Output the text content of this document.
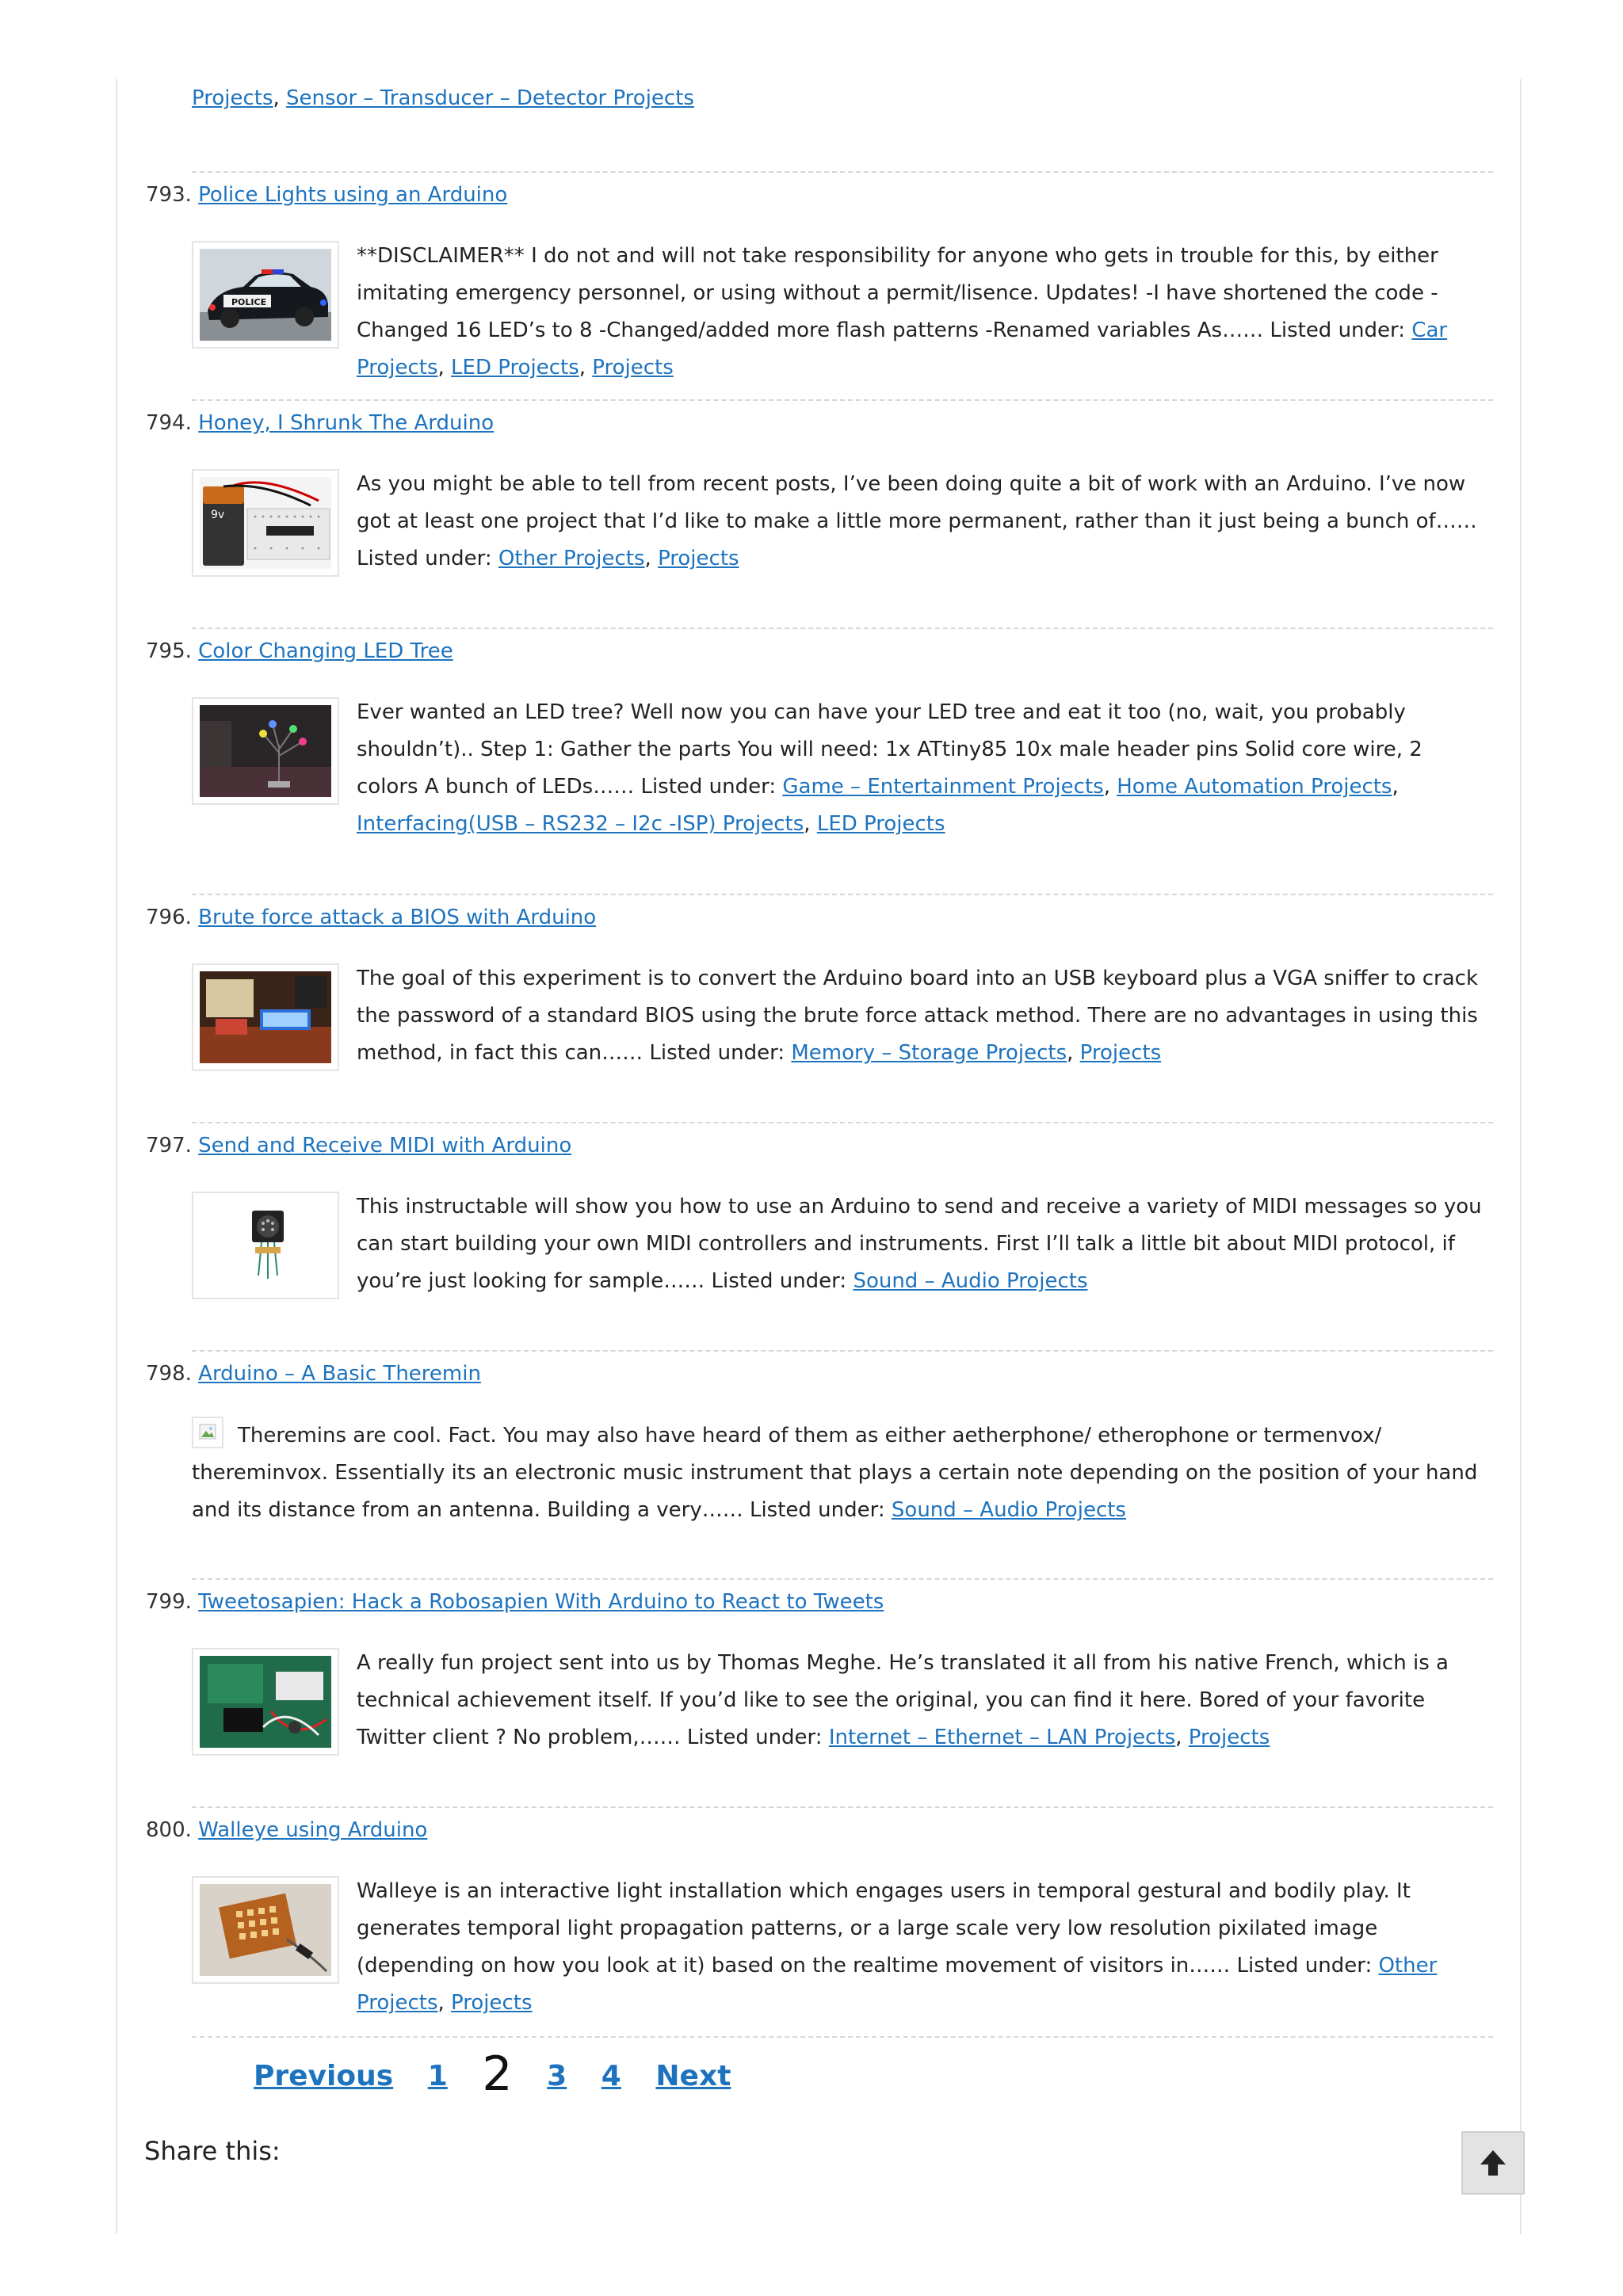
Projects, Sensor – Transducer – Detector Projects
793. Police Lights using an Arduino
POLICE
**DISCLAIMER** I do not and will not take responsibility for anyone who gets in trouble for this, by either imitating emergency personnel, or using without a permit/lisence. Updates! -I have shortened the code -Changed 16 LED’s to 8 -Changed/added more flash patterns -Renamed variables As…… Listed under: Car Projects, LED Projects, Projects
794. Honey, I Shrunk The Arduino
9v
As you might be able to tell from recent posts, I’ve been doing quite a bit of work with an Arduino. I’ve now got at least one project that I’d like to make a little more permanent, rather than it just being a bunch of…… Listed under: Other Projects, Projects
795. Color Changing LED Tree
Ever wanted an LED tree? Well now you can have your LED tree and eat it too (no, wait, you probably shouldn’t).. Step 1: Gather the parts You will need: 1x ATtiny85 10x male header pins Solid core wire, 2 colors A bunch of LEDs…… Listed under: Game – Entertainment Projects, Home Automation Projects, Interfacing(USB – RS232 – I2c -ISP) Projects, LED Projects
796. Brute force attack a BIOS with Arduino
The goal of this experiment is to convert the Arduino board into an USB keyboard plus a VGA sniffer to crack the password of a standard BIOS using the brute force attack method. There are no advantages in using this method, in fact this can…… Listed under: Memory – Storage Projects, Projects
797. Send and Receive MIDI with Arduino
This instructable will show you how to use an Arduino to send and receive a variety of MIDI messages so you can start building your own MIDI controllers and instruments. First I’ll talk a little bit about MIDI protocol, if you’re just looking for sample…… Listed under: Sound – Audio Projects
798. Arduino – A Basic Theremin
Theremins are cool. Fact. You may also have heard of them as either aetherphone/ etherophone or termenvox/ thereminvox. Essentially its an electronic music instrument that plays a certain note depending on the position of your hand and its distance from an antenna. Building a very…… Listed under: Sound – Audio Projects
799. Tweetosapien: Hack a Robosapien With Arduino to React to Tweets
A really fun project sent into us by Thomas Meghe. He’s translated it all from his native French, which is a technical achievement itself. If you’d like to see the original, you can find it here. Bored of your favorite Twitter client ? No problem,…… Listed under: Internet – Ethernet – LAN Projects, Projects
800. Walleye using Arduino
Walleye is an interactive light installation which engages users in temporal gestural and bodily play. It generates temporal light propagation patterns, or a large scale very low resolution pixilated image (depending on how you look at it) based on the realtime movement of visitors in…… Listed under: Other Projects, Projects
Previous 1 2 3 4 Next
Share this:
